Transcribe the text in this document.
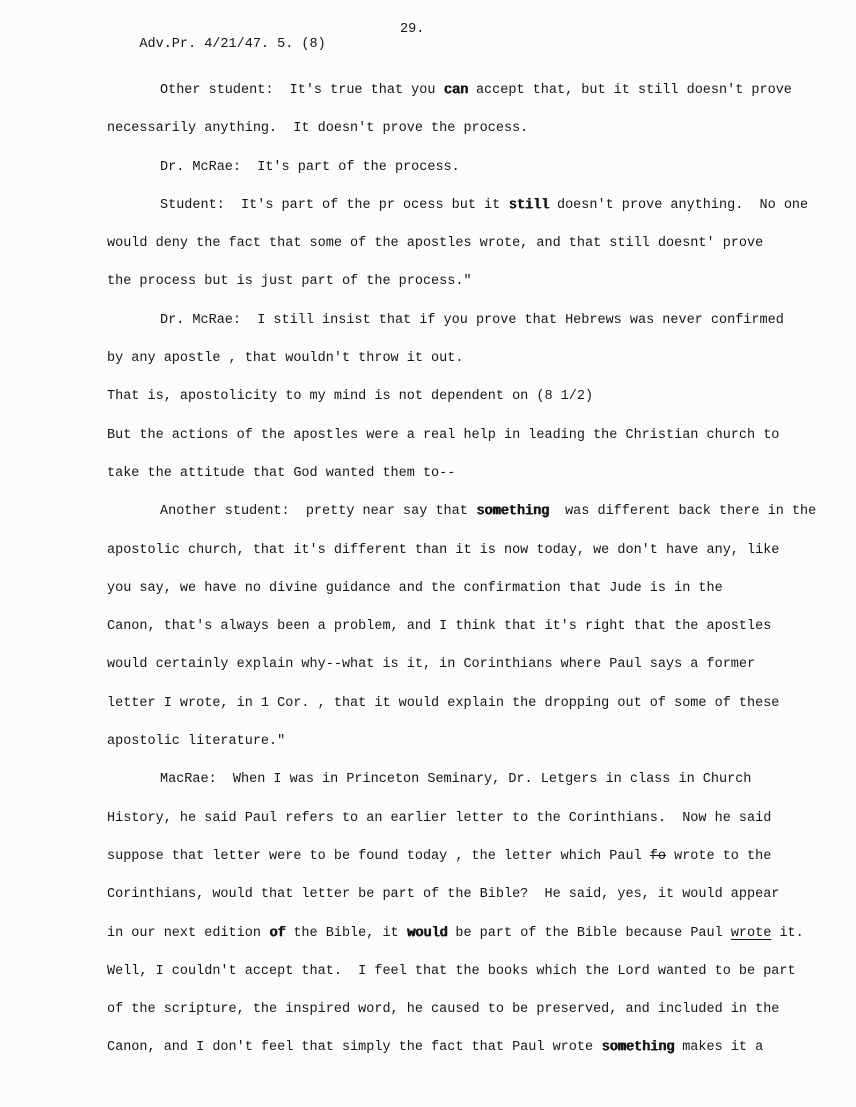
Adv.Pr. 4/21/47. 5. (8)

29.

Other student:  It's true that you can accept that, but it still doesn't prove
necessarily anything.  It doesn't prove the process.
Dr. McRae:  It's part of the process.
Student:  It's part of the pr ocess but it still doesn't prove anything.  No one
would deny the fact that some of the apostles wrote, and that still doesnt' prove
the process but is just part of the process."
Dr. McRae:  I still insist that if you prove that Hebrews was never confirmed
by any apostle , that wouldn't throw it out.
That is, apostolicity to my mind is not dependent on (8 1/2)
But the actions of the apostles were a real help in leading the Christian church to
take the attitude that God wanted them to--
Another student:  pretty near say that something  was different back there in the
apostolic church, that it's different than it is now today, we don't have any, like
you say, we have no divine guidance and the confirmation that Jude is in the
Canon, that's always been a problem, and I think that it's right that the apostles
would certainly explain why--what is it, in Corinthians where Paul says a former
letter I wrote, in 1 Cor. , that it would explain the dropping out of some of these
apostolic literature."
MacRae:  When I was in Princeton Seminary, Dr. Letgers in class in Church
History, he said Paul refers to an earlier letter to the Corinthians.  Now he said
suppose that letter were to be found today , the letter which Paul fo wrote to the
Corinthians, would that letter be part of the Bible?  He said, yes, it would appear
in our next edition of the Bible, it would be part of the Bible because Paul wrote it.
Well, I couldn't accept that.  I feel that the books which the Lord wanted to be part
of the scripture, the inspired word, he caused to be preserved, and included in the
Canon, and I don't feel that simply the fact that Paul wrote something makes it a
